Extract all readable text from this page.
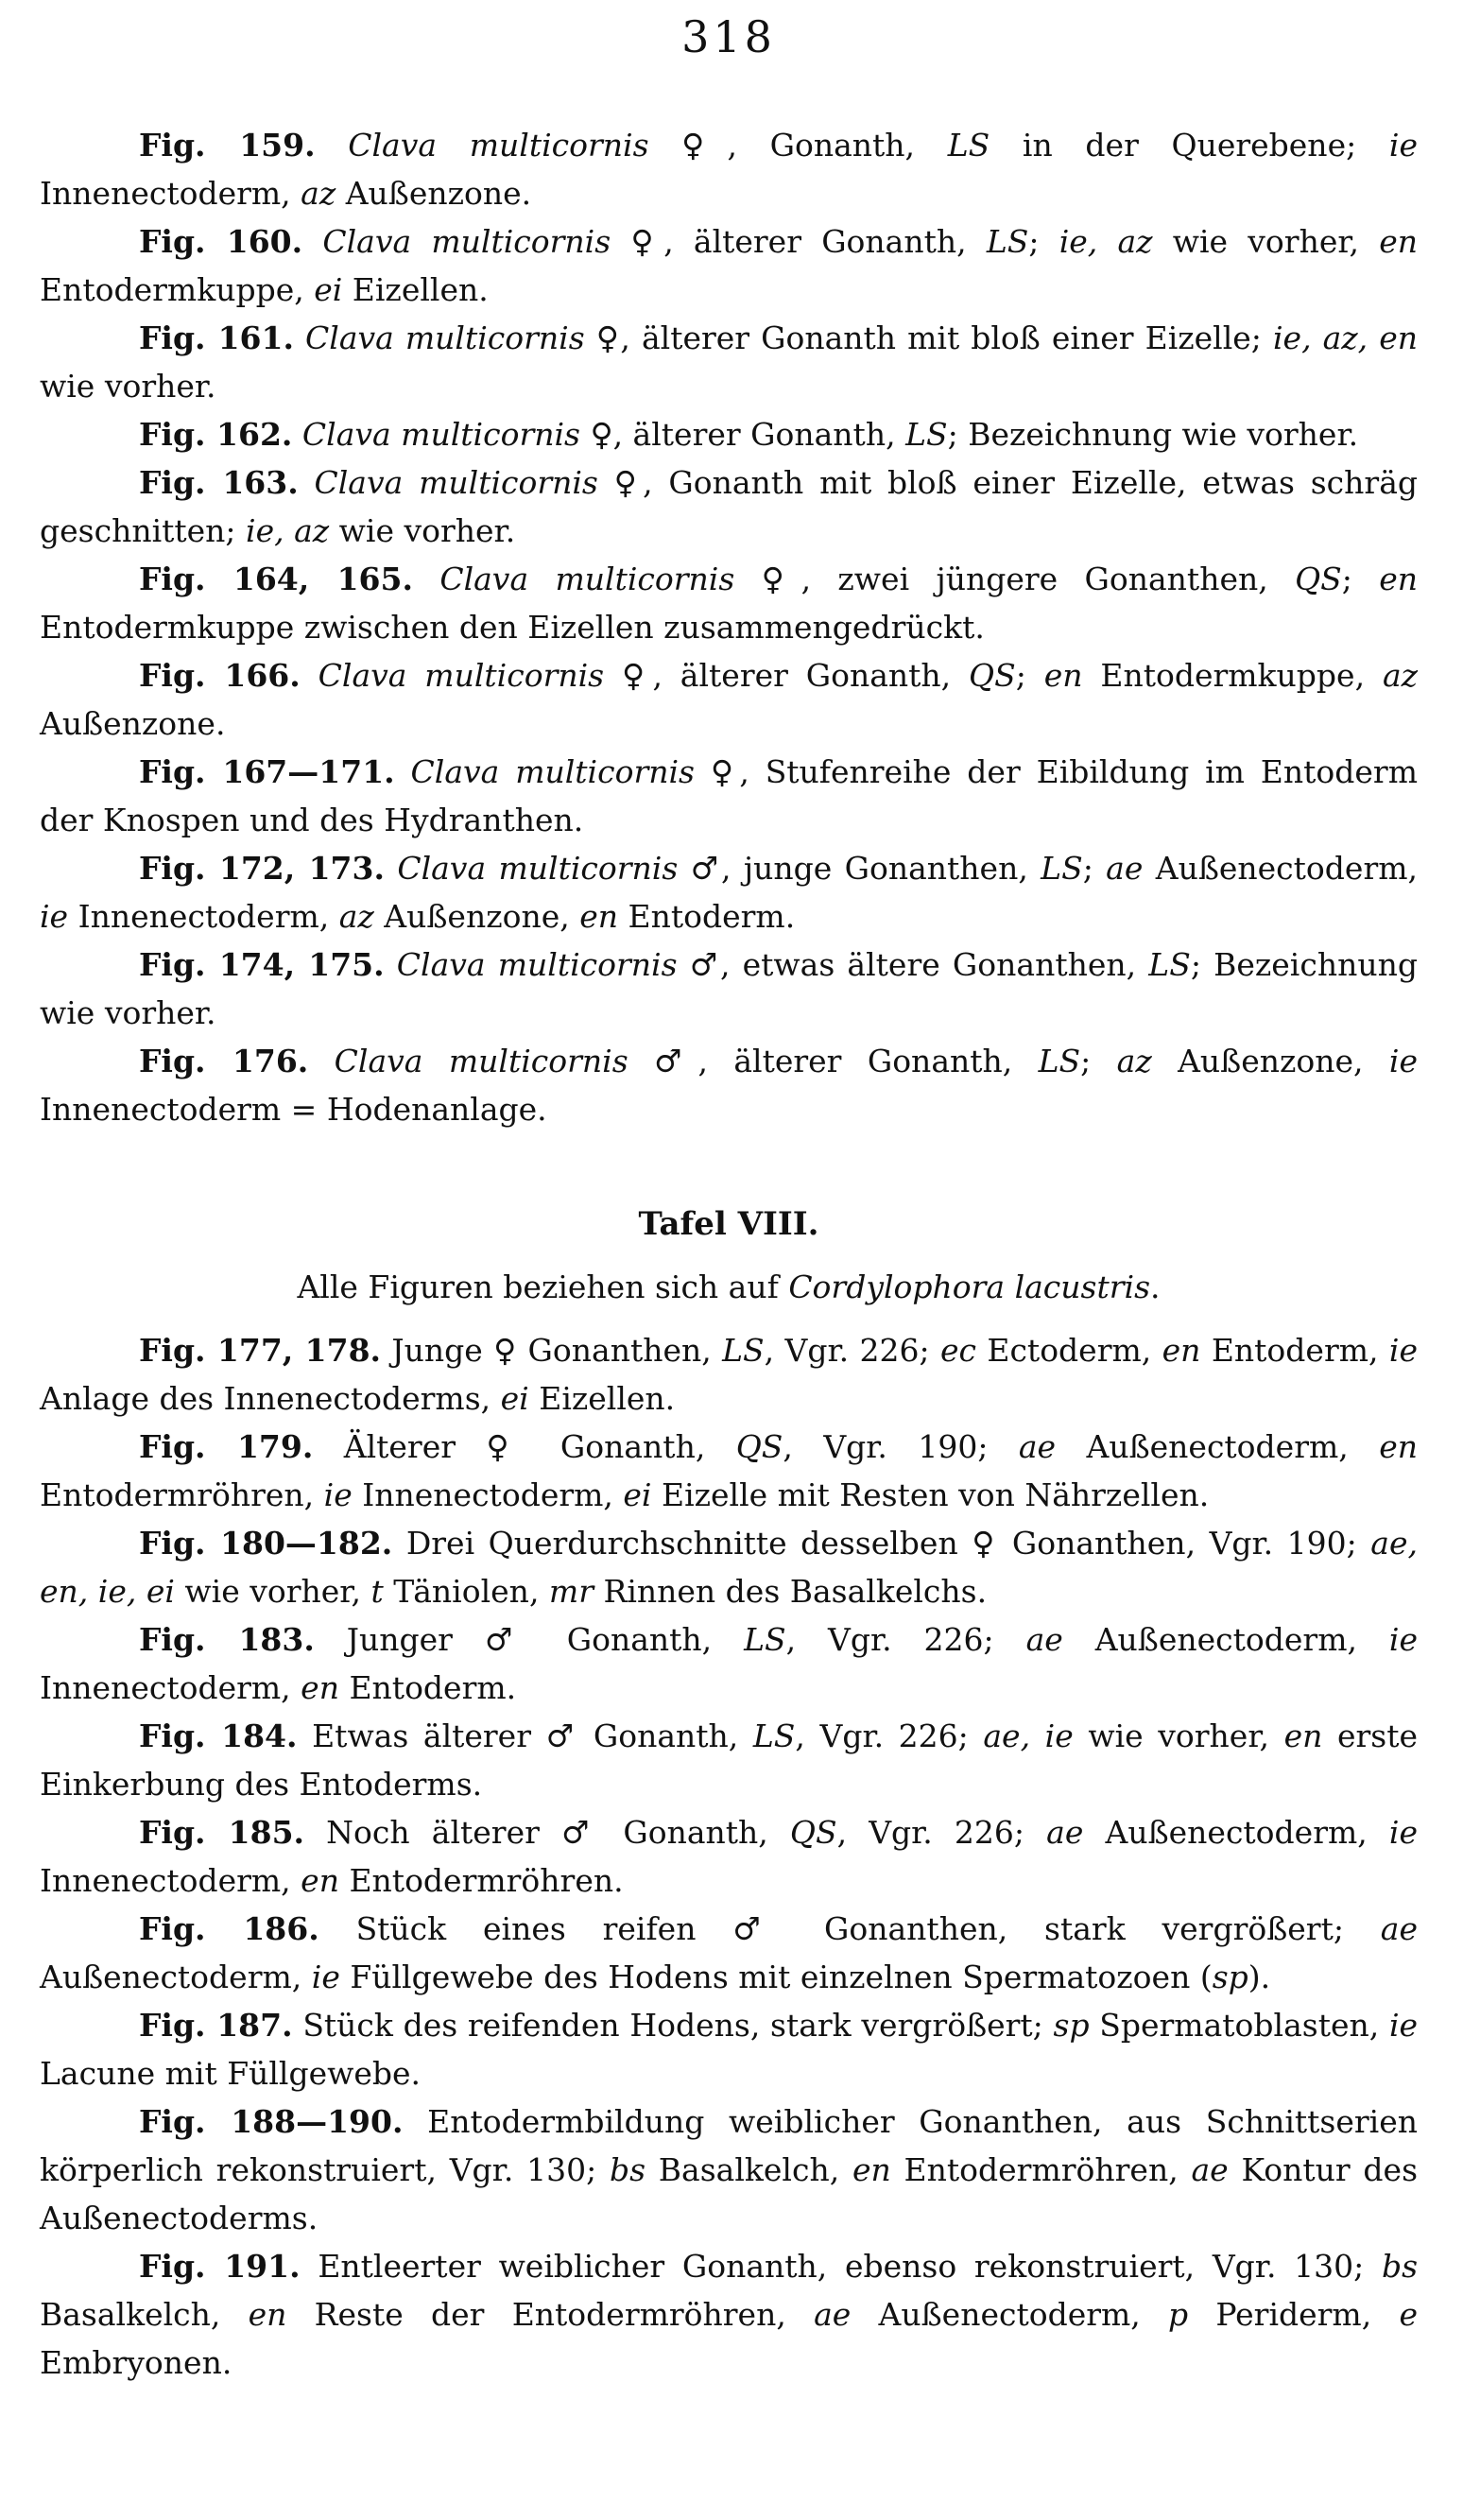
318

Fig. 159. Clava multicornis ♀, Gonanth, LS in der Querebene; ie Innenectoderm, az Außenzone.

Fig. 160. Clava multicornis ♀, älterer Gonanth, LS; ie, az wie vorher, en Entodermkuppe, ei Eizellen.

Fig. 161. Clava multicornis ♀, älterer Gonanth mit bloß einer Eizelle; ie, az, en wie vorher.

Fig. 162. Clava multicornis ♀, älterer Gonanth, LS; Bezeichnung wie vorher.

Fig. 163. Clava multicornis ♀, Gonanth mit bloß einer Eizelle, etwas schräg geschnitten; ie, az wie vorher.

Fig. 164, 165. Clava multicornis ♀, zwei jüngere Gonanthen, QS; en Entodermkuppe zwischen den Eizellen zusammengedrückt.

Fig. 166. Clava multicornis ♀, älterer Gonanth, QS; en Entodermkuppe, az Außenzone.

Fig. 167—171. Clava multicornis ♀, Stufenreihe der Eibildung im Entoderm der Knospen und des Hydranthen.

Fig. 172, 173. Clava multicornis ♂, junge Gonanthen, LS; ae Außenectoderm, ie Innenectoderm, az Außenzone, en Entoderm.

Fig. 174, 175. Clava multicornis ♂, etwas ältere Gonanthen, LS; Bezeichnung wie vorher.

Fig. 176. Clava multicornis ♂, älterer Gonanth, LS; az Außenzone, ie Innenectoderm = Hodenanlage.

Tafel VIII.
Alle Figuren beziehen sich auf Cordylophora lacustris.

Fig. 177, 178. Junge ♀ Gonanthen, LS, Vgr. 226; ec Ectoderm, en Entoderm, ie Anlage des Innenectoderms, ei Eizellen.

Fig. 179. Älterer ♀ Gonanth, QS, Vgr. 190; ae Außenectoderm, en Entodermröhren, ie Innenectoderm, ei Eizelle mit Resten von Nährzellen.

Fig. 180—182. Drei Querdurchschnitte desselben ♀ Gonanthen, Vgr. 190; ae, en, ie, ei wie vorher, t Täniolen, mr Rinnen des Basalkelchs.

Fig. 183. Junger ♂ Gonanth, LS, Vgr. 226; ae Außenectoderm, ie Innenectoderm, en Entoderm.

Fig. 184. Etwas älterer ♂ Gonanth, LS, Vgr. 226; ae, ie wie vorher, en erste Einkerbung des Entoderms.

Fig. 185. Noch älterer ♂ Gonanth, QS, Vgr. 226; ae Außenectoderm, ie Innenectoderm, en Entodermröhren.

Fig. 186. Stück eines reifen ♂ Gonanthen, stark vergrößert; ae Außenectoderm, ie Füllgewebe des Hodens mit einzelnen Spermatozoen (sp).

Fig. 187. Stück des reifenden Hodens, stark vergrößert; sp Spermatoblasten, ie Lacune mit Füllgewebe.

Fig. 188—190. Entodermbildung weiblicher Gonanthen, aus Schnittserien körperlich rekonstruiert, Vgr. 130; bs Basalkelch, en Entodermröhren, ae Kontur des Außenectoderms.

Fig. 191. Entleerter weiblicher Gonanth, ebenso rekonstruiert, Vgr. 130; bs Basalkelch, en Reste der Entodermröhren, ae Außenectoderm, p Periderm, e Embryonen.
